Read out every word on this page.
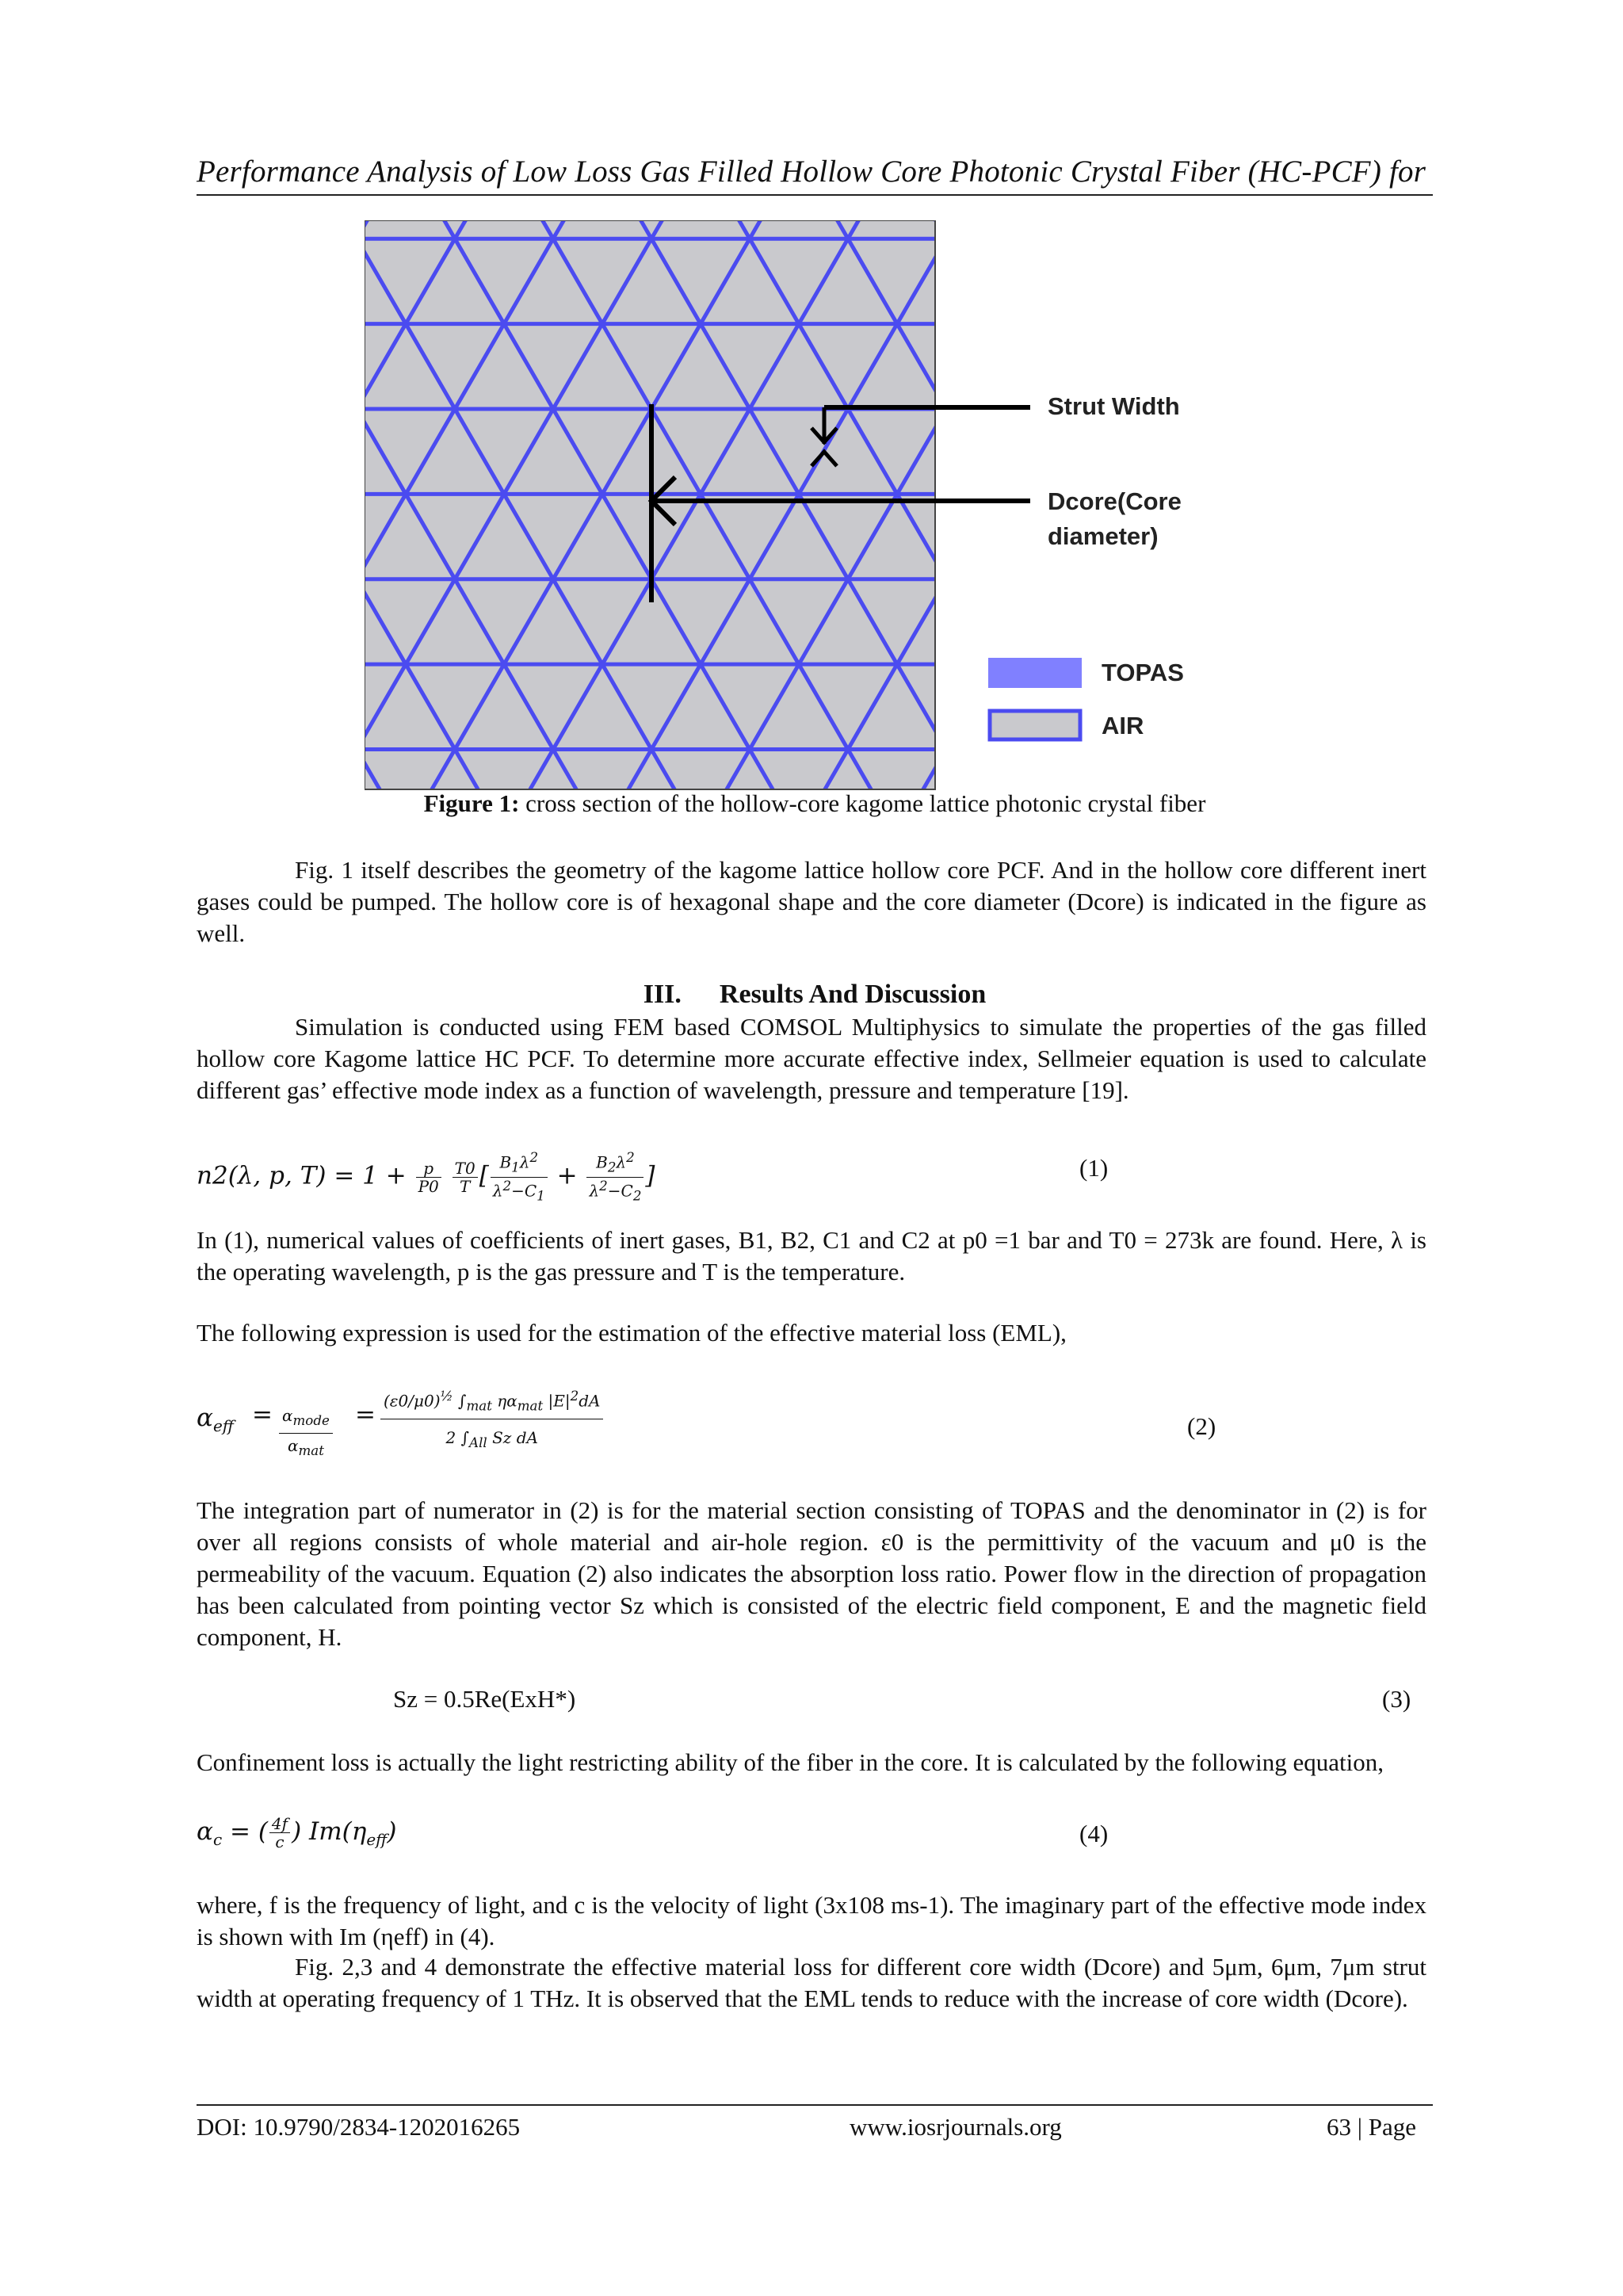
Performance Analysis of Low Loss Gas Filled Hollow Core Photonic Crystal Fiber (HC-PCF) for
Strut Width
Dcore(Core
diameter)
TOPAS
AIR
Figure 1: cross section of the hollow-core kagome lattice photonic crystal fiber
Fig. 1 itself describes the geometry of the kagome lattice hollow core PCF. And in the hollow core different inert gases could be pumped. The hollow core is of hexagonal shape and the core diameter (Dcore) is indicated in the figure as well.
III. Results And Discussion
Simulation is conducted using FEM based COMSOL Multiphysics to simulate the properties of the gas filled hollow core Kagome lattice HC PCF. To determine more accurate effective index, Sellmeier equation is used to calculate different gas’ effective mode index as a function of wavelength, pressure and temperature [19].
n2(λ, p, $T) = 1 + \frac{p}{P0}$
$\frac{T0}{T}$ [ $\frac{B_1\lambda^2}{\lambda^2-C_1} + \frac{B_2\lambda^2}{\lambda^2-C_2}$ ]	(1)
In (1), numerical values of coefficients of inert gases, B1, B2, C1 and C2 at p0 =1 bar and T0 = 273k are found. Here, λ is the operating wavelength, p is the gas pressure and T is the temperature.
The following expression is used for the estimation of the effective material loss (EML),
$\alpha_{eff} = \alpha_{mode}$
$\alpha_{mat}$
= $(\varepsilon 0/\mu 0)^{\frac{1}{2}}$ $\int_{mat}$ $\eta\alpha_{mat}$ $|E|^2dA$
2 $\int_{All}$ Sz dA	(2)
The integration part of numerator in (2) is for the material section consisting of TOPAS and the denominator in (2) is for over all regions consists of whole material and air-hole region. ε0 is the permittivity of the vacuum and μ0 is the permeability of the vacuum. Equation (2) also indicates the absorption loss ratio. Power flow in the direction of propagation has been calculated from pointing vector Sz which is consisted of the electric field component, E and the magnetic field component, H.
Sz = 0.5Re(ExH*)	(3)
Confinement loss is actually the light restricting ability of the fiber in the core. It is calculated by the following equation,
$\alpha_c$ = ( $\frac{4f}{c}$ ) $Im(\eta_{eff})$	(4)
where, f is the frequency of light, and c is the velocity of light (3x108 ms-1). The imaginary part of the effective mode index is shown with Im (ηeff) in (4).
Fig. 2,3 and 4 demonstrate the effective material loss for different core width (Dcore) and 5μm, 6μm, 7μm strut width at operating frequency of 1 THz. It is observed that the EML tends to reduce with the increase of core width (Dcore).
DOI: 10.9790/2834-1202016265	www.iosrjournals.org	63 | Page
